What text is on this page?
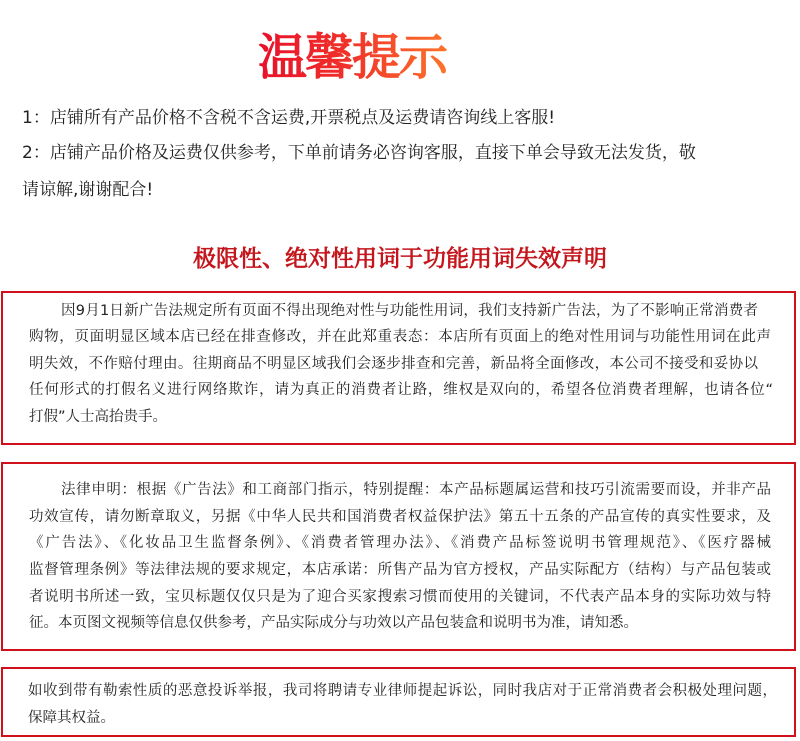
温馨提示
1：店铺所有产品价格不含税不含运费,开票税点及运费请咨询线上客服!
2：店铺产品价格及运费仅供参考，下单前请务必咨询客服，直接下单会导致无法发货，敬
请谅解,谢谢配合!
极限性、绝对性用词于功能用词失效声明
因9月1日新广告法规定所有页面不得出现绝对性与功能性用词，我们支持新广告法，为了不影响正常消费者
购物，页面明显区域本店已经在排查修改，并在此郑重表态：本店所有页面上的绝对性用词与功能性用词在此声
明失效，不作赔付理由。往期商品不明显区域我们会逐步排查和完善，新品将全面修改，本公司不接受和妥协以
任何形式的打假名义进行网络欺诈，请为真正的消费者让路，维权是双向的，希望各位消费者理解，也请各位“
打假”人士高抬贵手。
法律申明：根据《广告法》和工商部门指示，特别提醒：本产品标题属运营和技巧引流需要而设，并非产品
功效宣传，请勿断章取义，另据《中华人民共和国消费者权益保护法》第五十五条的产品宣传的真实性要求，及
《广告法》、《化妆品卫生监督条例》、《消费者管理办法》、《消费产品标签说明书管理规范》、《医疗器械
监督管理条例》等法律法规的要求规定，本店承诺：所售产品为官方授权，产品实际配方（结构）与产品包装或
者说明书所述一致，宝贝标题仅仅只是为了迎合买家搜索习惯而使用的关键词，不代表产品本身的实际功效与特
征。本页图文视频等信息仅供参考，产品实际成分与功效以产品包装盒和说明书为准，请知悉。
如收到带有勒索性质的恶意投诉举报，我司将聘请专业律师提起诉讼，同时我店对于正常消费者会积极处理问题，
保障其权益。
